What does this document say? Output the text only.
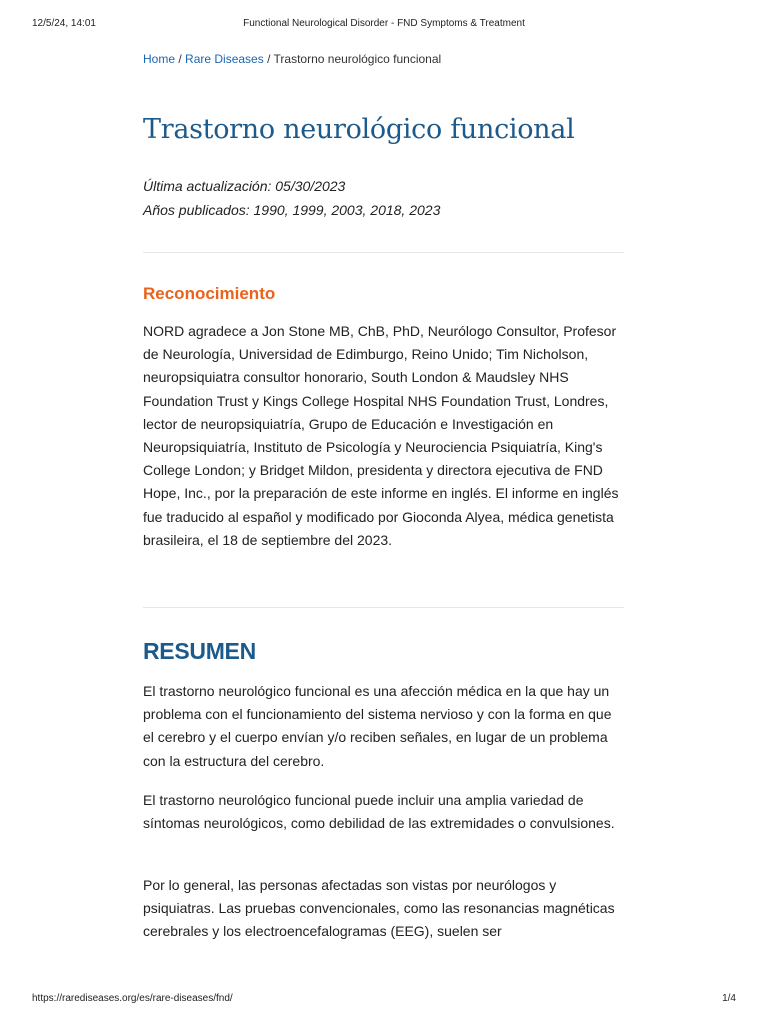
12/5/24, 14:01	Functional Neurological Disorder - FND Symptoms & Treatment
Home / Rare Diseases / Trastorno neurológico funcional
Trastorno neurológico funcional
Última actualización: 05/30/2023
Años publicados: 1990, 1999, 2003, 2018, 2023
Reconocimiento

NORD agradece a Jon Stone MB, ChB, PhD, Neurólogo Consultor, Profesor de Neurología, Universidad de Edimburgo, Reino Unido; Tim Nicholson, neuropsiquiatra consultor honorario, South London & Maudsley NHS Foundation Trust y Kings College Hospital NHS Foundation Trust, Londres, lector de neuropsiquiatría, Grupo de Educación e Investigación en Neuropsiquiatría, Instituto de Psicología y Neurociencia Psiquiatría, King's College London; y Bridget Mildon, presidenta y directora ejecutiva de FND Hope, Inc., por la preparación de este informe en inglés. El informe en inglés fue traducido al español y modificado por Gioconda Alyea, médica genetista brasileira, el 18 de septiembre del 2023.

RESUMEN

El trastorno neurológico funcional es una afección médica en la que hay un problema con el funcionamiento del sistema nervioso y con la forma en que el cerebro y el cuerpo envían y/o reciben señales, en lugar de un problema con la estructura del cerebro.

El trastorno neurológico funcional puede incluir una amplia variedad de síntomas neurológicos, como debilidad de las extremidades o convulsiones.

Por lo general, las personas afectadas son vistas por neurólogos y psiquiatras. Las pruebas convencionales, como las resonancias magnéticas cerebrales y los electroencefalogramas (EEG), suelen ser

https://rarediseases.org/es/rare-diseases/fnd/	1/4
